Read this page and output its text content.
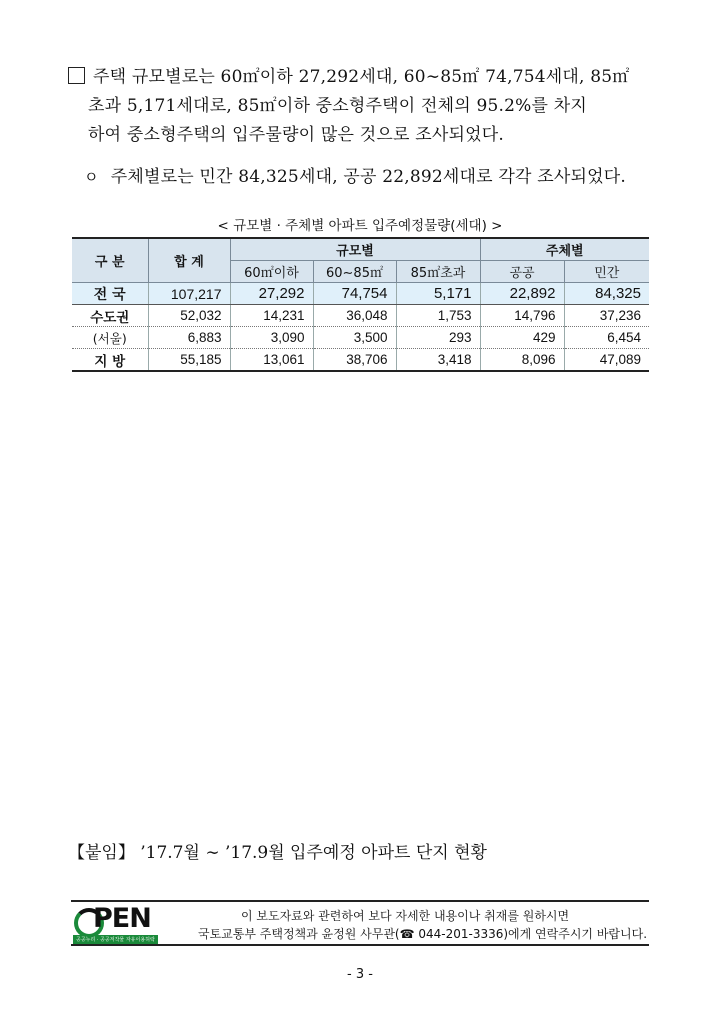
주택 규모별로는 60㎡이하 27,292세대, 60∼85㎡ 74,754세대, 85㎡
초과 5,171세대로, 85㎡이하 중소형주택이 전체의 95.2%를 차지
하여 중소형주택의 입주물량이 많은 것으로 조사되었다.
ㅇ 주체별로는 민간 84,325세대, 공공 22,892세대로 각각 조사되었다.
< 규모별 · 주체별 아파트 입주예정물량(세대) >
구 분	합 계	규모별			주체별	
		60㎡이하	60∼85㎡	85㎡초과	공공	민간
전 국	107,217	27,292	74,754	5,171	22,892	84,325
수도권	52,032	14,231	36,048	1,753	14,796	37,236
(서울)	6,883	3,090	3,500	293	429	6,454
지 방	55,185	13,061	38,706	3,418	8,096	47,089
【붙임】 ’17.7월 ∼ ’17.9월 입주예정 아파트 단지 현황
PEN
공공누리 · 공공저작물 자유이용허락
이 보도자료와 관련하여 보다 자세한 내용이나 취재를 원하시면
국토교통부 주택정책과 윤정원 사무관(☎ 044-201-3336)에게 연락주시기 바랍니다.
- 3 -
